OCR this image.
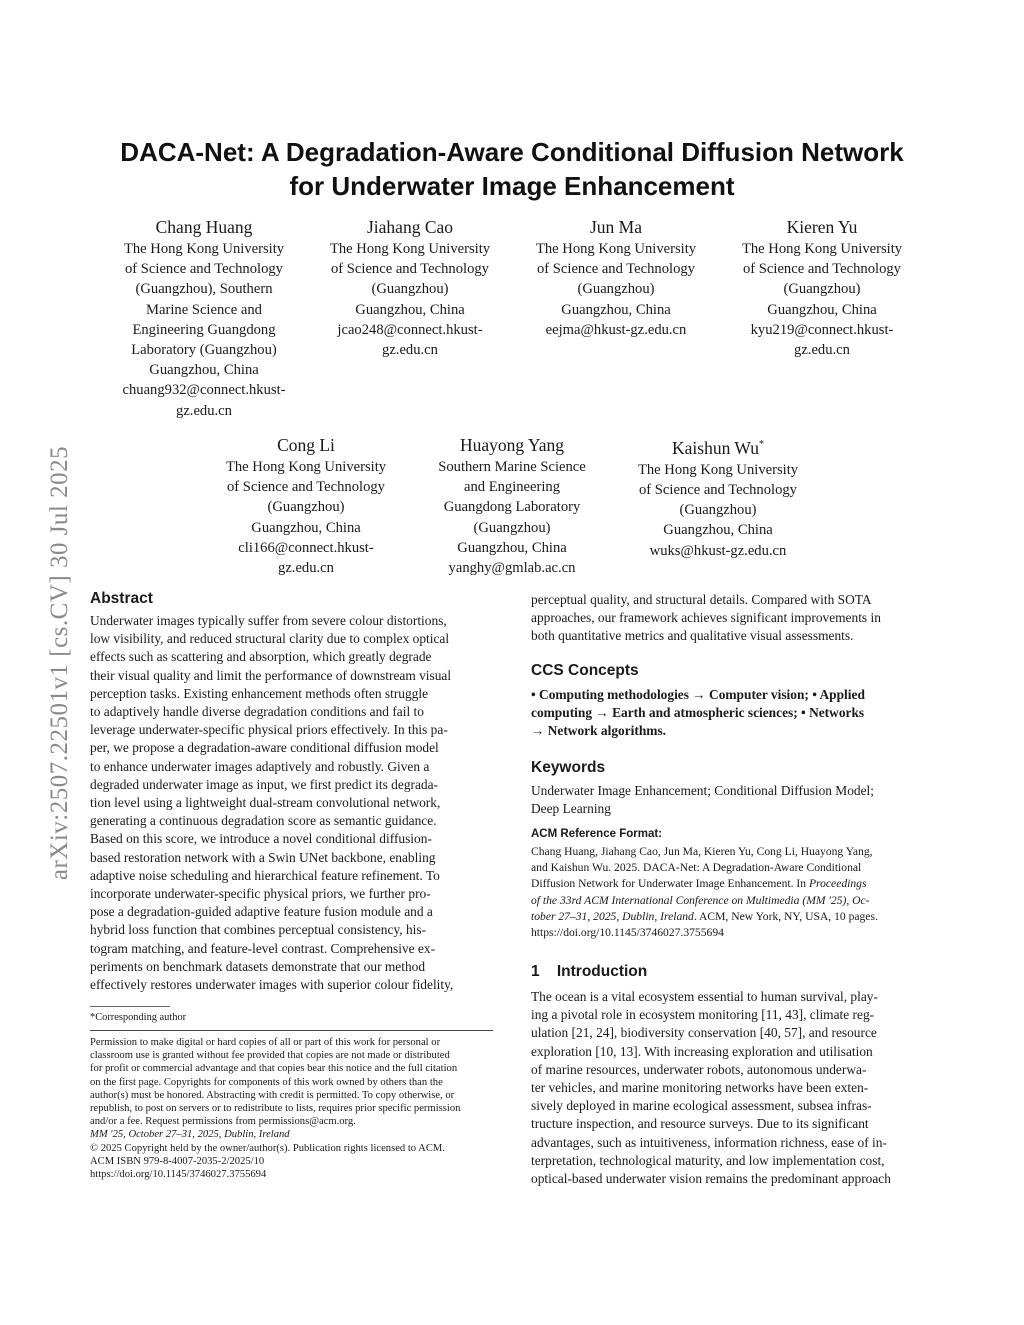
arXiv:2507.22501v1 [cs.CV] 30 Jul 2025
DACA-Net: A Degradation-Aware Conditional Diffusion Network
for Underwater Image Enhancement
Chang Huang
The Hong Kong University
of Science and Technology
(Guangzhou), Southern
Marine Science and
Engineering Guangdong
Laboratory (Guangzhou)
Guangzhou, China
chuang932@connect.hkust-
gz.edu.cn
Jiahang Cao
The Hong Kong University
of Science and Technology
(Guangzhou)
Guangzhou, China
jcao248@connect.hkust-
gz.edu.cn
Jun Ma
The Hong Kong University
of Science and Technology
(Guangzhou)
Guangzhou, China
eejma@hkust-gz.edu.cn
Kieren Yu
The Hong Kong University
of Science and Technology
(Guangzhou)
Guangzhou, China
kyu219@connect.hkust-
gz.edu.cn
Cong Li
The Hong Kong University
of Science and Technology
(Guangzhou)
Guangzhou, China
cli166@connect.hkust-
gz.edu.cn
Huayong Yang
Southern Marine Science
and Engineering
Guangdong Laboratory
(Guangzhou)
Guangzhou, China
yanghy@gmlab.ac.cn
Kaishun Wu*
The Hong Kong University
of Science and Technology
(Guangzhou)
Guangzhou, China
wuks@hkust-gz.edu.cn
Abstract
Underwater images typically suffer from severe colour distortions,
low visibility, and reduced structural clarity due to complex optical
effects such as scattering and absorption, which greatly degrade
their visual quality and limit the performance of downstream visual
perception tasks. Existing enhancement methods often struggle
to adaptively handle diverse degradation conditions and fail to
leverage underwater-specific physical priors effectively. In this pa-
per, we propose a degradation-aware conditional diffusion model
to enhance underwater images adaptively and robustly. Given a
degraded underwater image as input, we first predict its degrada-
tion level using a lightweight dual-stream convolutional network,
generating a continuous degradation score as semantic guidance.
Based on this score, we introduce a novel conditional diffusion-
based restoration network with a Swin UNet backbone, enabling
adaptive noise scheduling and hierarchical feature refinement. To
incorporate underwater-specific physical priors, we further pro-
pose a degradation-guided adaptive feature fusion module and a
hybrid loss function that combines perceptual consistency, his-
togram matching, and feature-level contrast. Comprehensive ex-
periments on benchmark datasets demonstrate that our method
effectively restores underwater images with superior colour fidelity,
*Corresponding author
Permission to make digital or hard copies of all or part of this work for personal or
classroom use is granted without fee provided that copies are not made or distributed
for profit or commercial advantage and that copies bear this notice and the full citation
on the first page. Copyrights for components of this work owned by others than the
author(s) must be honored. Abstracting with credit is permitted. To copy otherwise, or
republish, to post on servers or to redistribute to lists, requires prior specific permission
and/or a fee. Request permissions from permissions@acm.org.
MM '25, October 27–31, 2025, Dublin, Ireland
© 2025 Copyright held by the owner/author(s). Publication rights licensed to ACM.
ACM ISBN 979-8-4007-2035-2/2025/10
https://doi.org/10.1145/3746027.3755694
perceptual quality, and structural details. Compared with SOTA
approaches, our framework achieves significant improvements in
both quantitative metrics and qualitative visual assessments.
CCS Concepts
• Computing methodologies → Computer vision; • Applied
computing → Earth and atmospheric sciences; • Networks
→ Network algorithms.
Keywords
Underwater Image Enhancement; Conditional Diffusion Model;
Deep Learning
ACM Reference Format:
Chang Huang, Jiahang Cao, Jun Ma, Kieren Yu, Cong Li, Huayong Yang,
and Kaishun Wu. 2025. DACA-Net: A Degradation-Aware Conditional
Diffusion Network for Underwater Image Enhancement. In Proceedings
of the 33rd ACM International Conference on Multimedia (MM '25), Oc-
tober 27–31, 2025, Dublin, Ireland. ACM, New York, NY, USA, 10 pages.
https://doi.org/10.1145/3746027.3755694
1    Introduction
The ocean is a vital ecosystem essential to human survival, play-
ing a pivotal role in ecosystem monitoring [11, 43], climate reg-
ulation [21, 24], biodiversity conservation [40, 57], and resource
exploration [10, 13]. With increasing exploration and utilisation
of marine resources, underwater robots, autonomous underwa-
ter vehicles, and marine monitoring networks have been exten-
sively deployed in marine ecological assessment, subsea infras-
tructure inspection, and resource surveys. Due to its significant
advantages, such as intuitiveness, information richness, ease of in-
terpretation, technological maturity, and low implementation cost,
optical-based underwater vision remains the predominant approach
